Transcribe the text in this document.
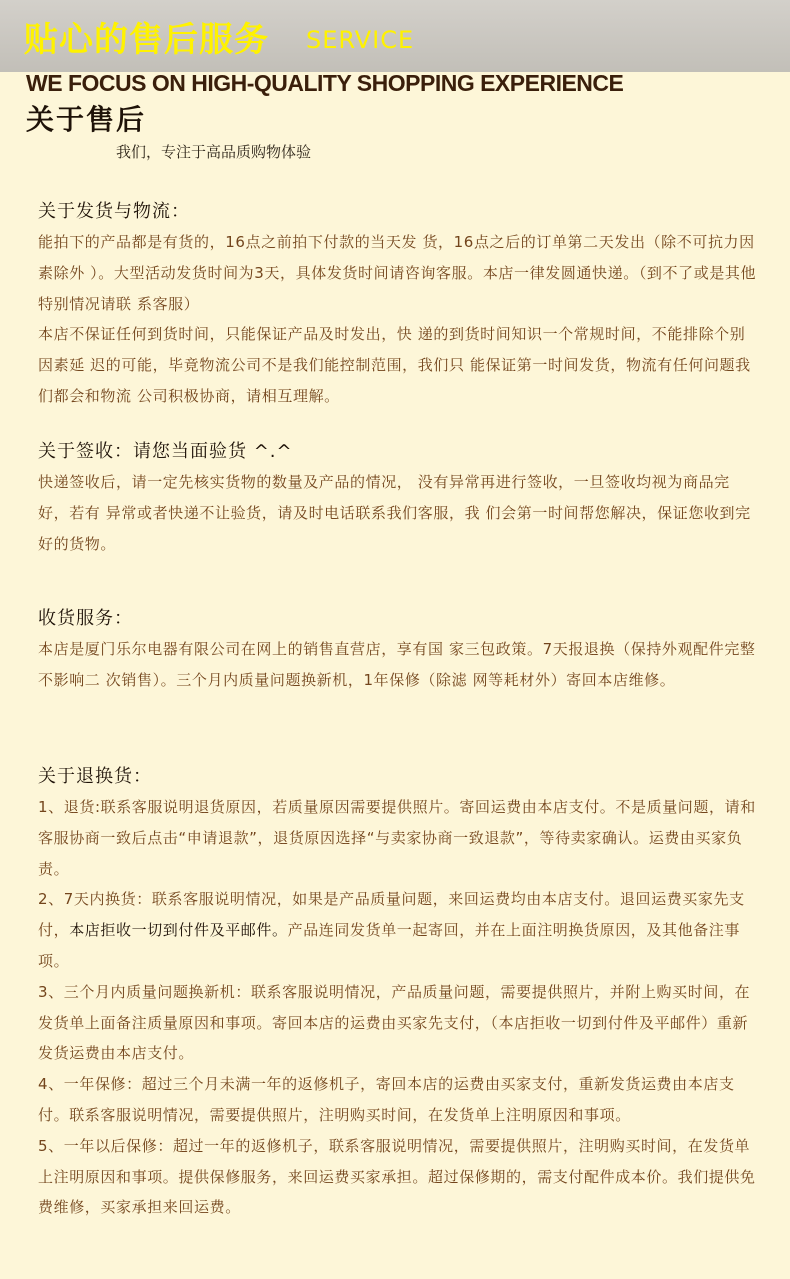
贴心的售后服务 SERVICE
WE FOCUS ON HIGH-QUALITY SHOPPING EXPERIENCE
关于售后
我们，专注于高品质购物体验
关于发货与物流：

能拍下的产品都是有货的，16点之前拍下付款的当天发 货，16点之后的订单第二天发出（除不可抗力因素除外 ）。大型活动发货时间为3天，具体发货时间请咨询客服。本店一律发圆通快递。（到不了或是其他特别情况请联 系客服）

本店不保证任何到货时间，只能保证产品及时发出，快 递的到货时间知识一个常规时间，不能排除个别因素延 迟的可能，毕竟物流公司不是我们能控制范围，我们只 能保证第一时间发货，物流有任何问题我们都会和物流 公司积极协商，请相互理解。

关于签收：请您当面验货 ^.^

快递签收后，请一定先核实货物的数量及产品的情况， 没有异常再进行签收，一旦签收均视为商品完好，若有 异常或者快递不让验货，请及时电话联系我们客服，我 们会第一时间帮您解决，保证您收到完好的货物。

收货服务：

本店是厦门乐尔电器有限公司在网上的销售直营店，享有国 家三包政策。7天报退换（保持外观配件完整不影响二 次销售）。三个月内质量问题换新机，1年保修（除滤 网等耗材外）寄回本店维修。

关于退换货：

1、退货:联系客服说明退货原因，若质量原因需要提供照片。寄回运费由本店支付。不是质量问题，请和客服协商一致后点击“申请退款”，退货原因选择“与卖家协商一致退款”，等待卖家确认。运费由买家负责。

2、7天内换货：联系客服说明情况，如果是产品质量问题，来回运费均由本店支付。退回运费买家先支付，本店拒收一切到付件及平邮件。产品连同发货单一起寄回，并在上面注明换货原因，及其他备注事项。

3、三个月内质量问题换新机：联系客服说明情况，产品质量问题，需要提供照片，并附上购买时间，在发货单上面备注质量原因和事项。寄回本店的运费由买家先支付，（本店拒收一切到付件及平邮件）重新发货运费由本店支付。

4、一年保修：超过三个月未满一年的返修机子，寄回本店的运费由买家支付，重新发货运费由本店支付。联系客服说明情况，需要提供照片，注明购买时间，在发货单上注明原因和事项。

5、一年以后保修：超过一年的返修机子，联系客服说明情况，需要提供照片，注明购买时间，在发货单上注明原因和事项。提供保修服务，来回运费买家承担。超过保修期的，需支付配件成本价。我们提供免费维修，买家承担来回运费。
